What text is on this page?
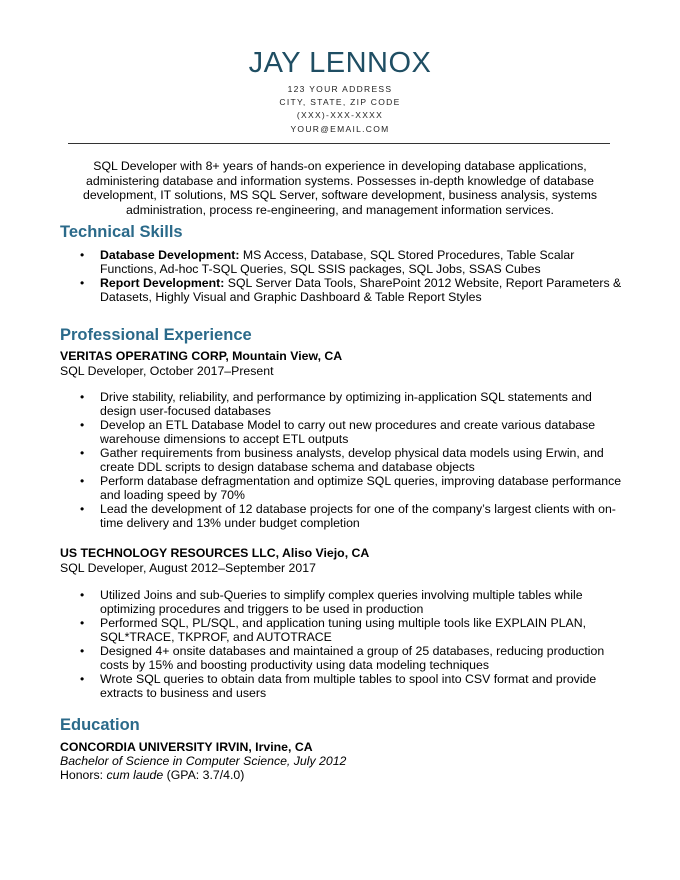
JAY LENNOX
123 YOUR ADDRESS
CITY, STATE, ZIP CODE
(XXX)-XXX-XXXX
YOUR@EMAIL.COM
SQL Developer with 8+ years of hands-on experience in developing database applications, administering database and information systems. Possesses in-depth knowledge of database development, IT solutions, MS SQL Server, software development, business analysis, systems administration, process re-engineering, and management information services.
Technical Skills
• Database Development: MS Access, Database, SQL Stored Procedures, Table Scalar Functions, Ad-hoc T-SQL Queries, SQL SSIS packages, SQL Jobs, SSAS Cubes
• Report Development: SQL Server Data Tools, SharePoint 2012 Website, Report Parameters & Datasets, Highly Visual and Graphic Dashboard & Table Report Styles
Professional Experience
VERITAS OPERATING CORP, Mountain View, CA
SQL Developer, October 2017–Present
• Drive stability, reliability, and performance by optimizing in-application SQL statements and design user-focused databases
• Develop an ETL Database Model to carry out new procedures and create various database warehouse dimensions to accept ETL outputs
• Gather requirements from business analysts, develop physical data models using Erwin, and create DDL scripts to design database schema and database objects
• Perform database defragmentation and optimize SQL queries, improving database performance and loading speed by 70%
• Lead the development of 12 database projects for one of the company’s largest clients with on-time delivery and 13% under budget completion
US TECHNOLOGY RESOURCES LLC, Aliso Viejo, CA
SQL Developer, August 2012–September 2017
• Utilized Joins and sub-Queries to simplify complex queries involving multiple tables while optimizing procedures and triggers to be used in production
• Performed SQL, PL/SQL, and application tuning using multiple tools like EXPLAIN PLAN, SQL*TRACE, TKPROF, and AUTOTRACE
• Designed 4+ onsite databases and maintained a group of 25 databases, reducing production costs by 15% and boosting productivity using data modeling techniques
• Wrote SQL queries to obtain data from multiple tables to spool into CSV format and provide extracts to business and users
Education
CONCORDIA UNIVERSITY IRVIN, Irvine, CA
Bachelor of Science in Computer Science, July 2012
Honors: cum laude (GPA: 3.7/4.0)
